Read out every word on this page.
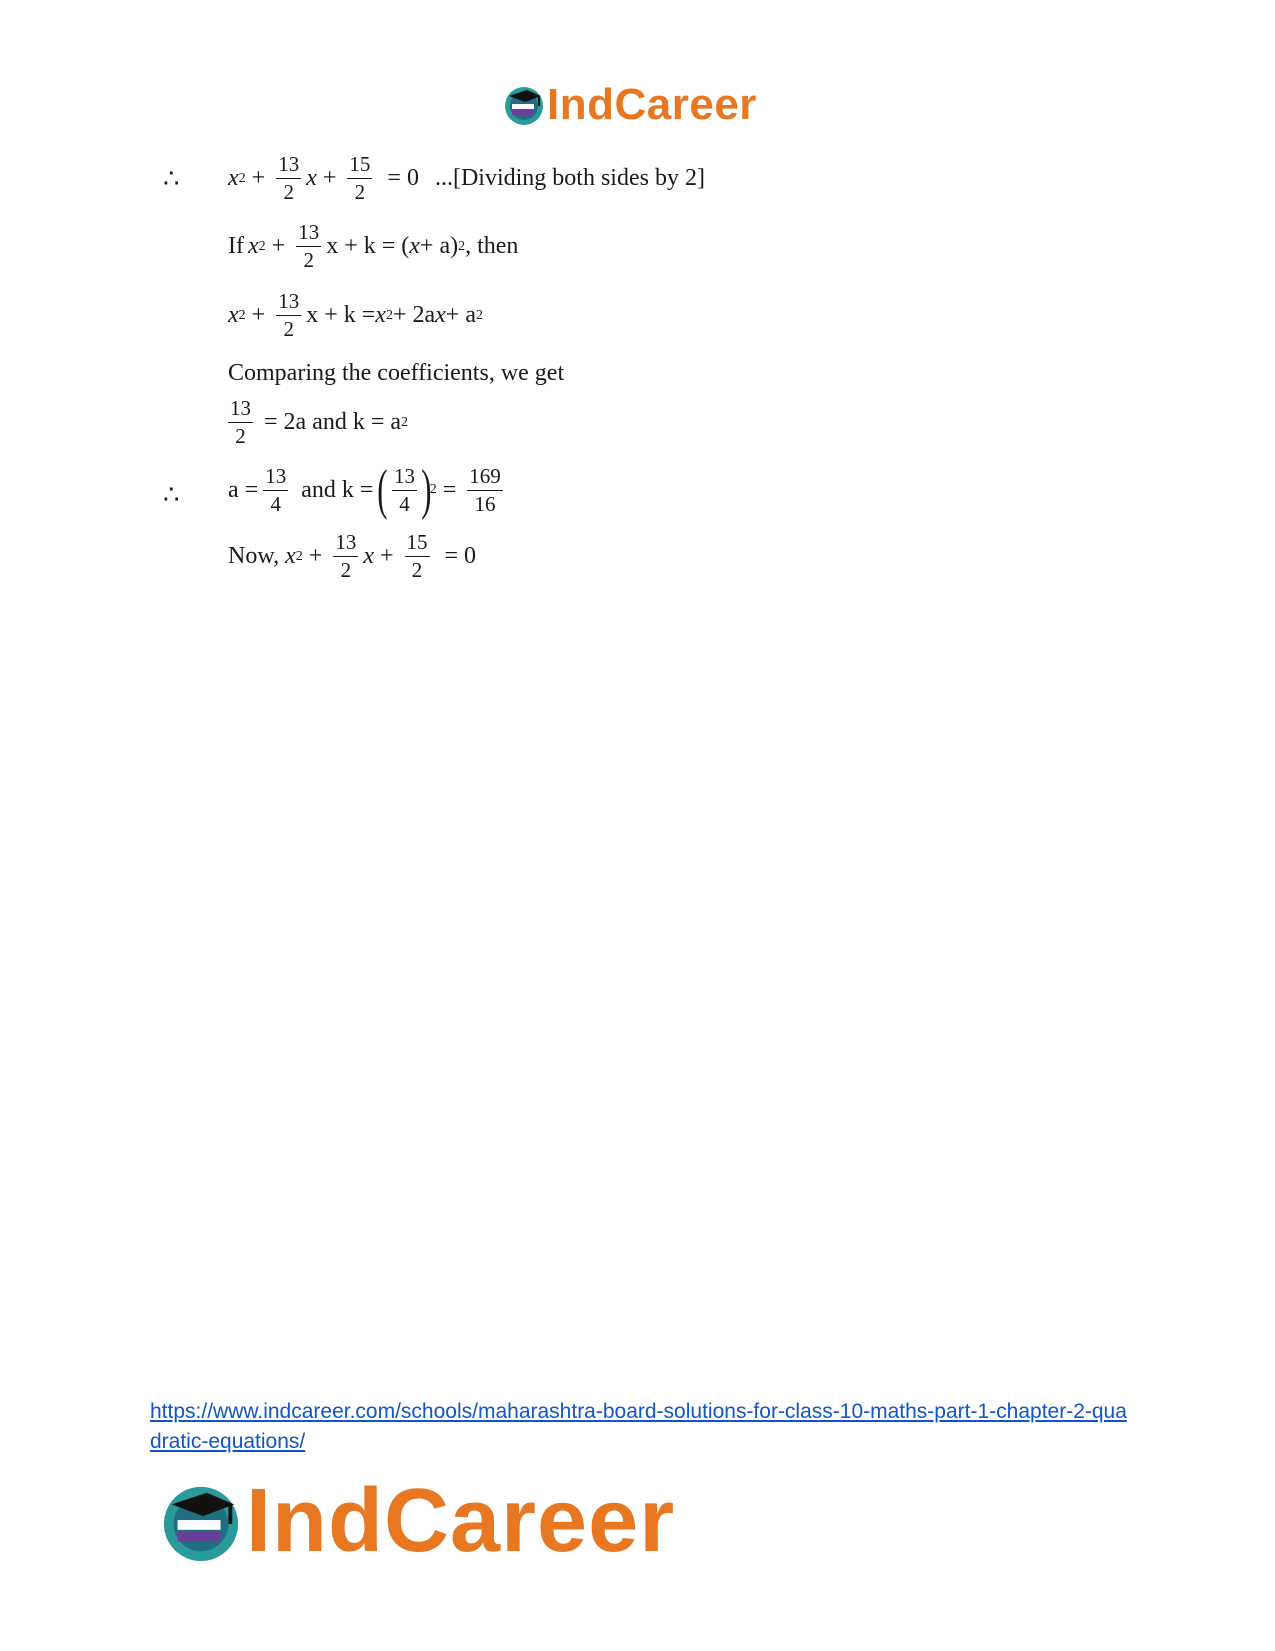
IndCareer
∴ x $2 + \frac{13}{2}$ $x + \frac{15}{2} = 0$ ...[Dividing both sides by 2]
If x $2 + \frac{13}{2}$ x + k = ( x + a) 2 , then
x $2 + \frac{13}{2}$ x + k = x 2 + 2a x + a 2
Comparing the coefficients, we get
$\frac{13}{2} = 2a$ and k = a 2
∴ $a = \frac{13}{4}$ and k = ( $\frac{13}{4}$ )
$2 = \frac{169}{16}$
Now, x $2 + \frac{13}{2}$ $x + \frac{15}{2} = 0$
https://www.indcareer.com/schools/maharashtra-board-solutions-for-class-10-maths-part-1-chapter-2-quadratic-equations/
IndCareer
